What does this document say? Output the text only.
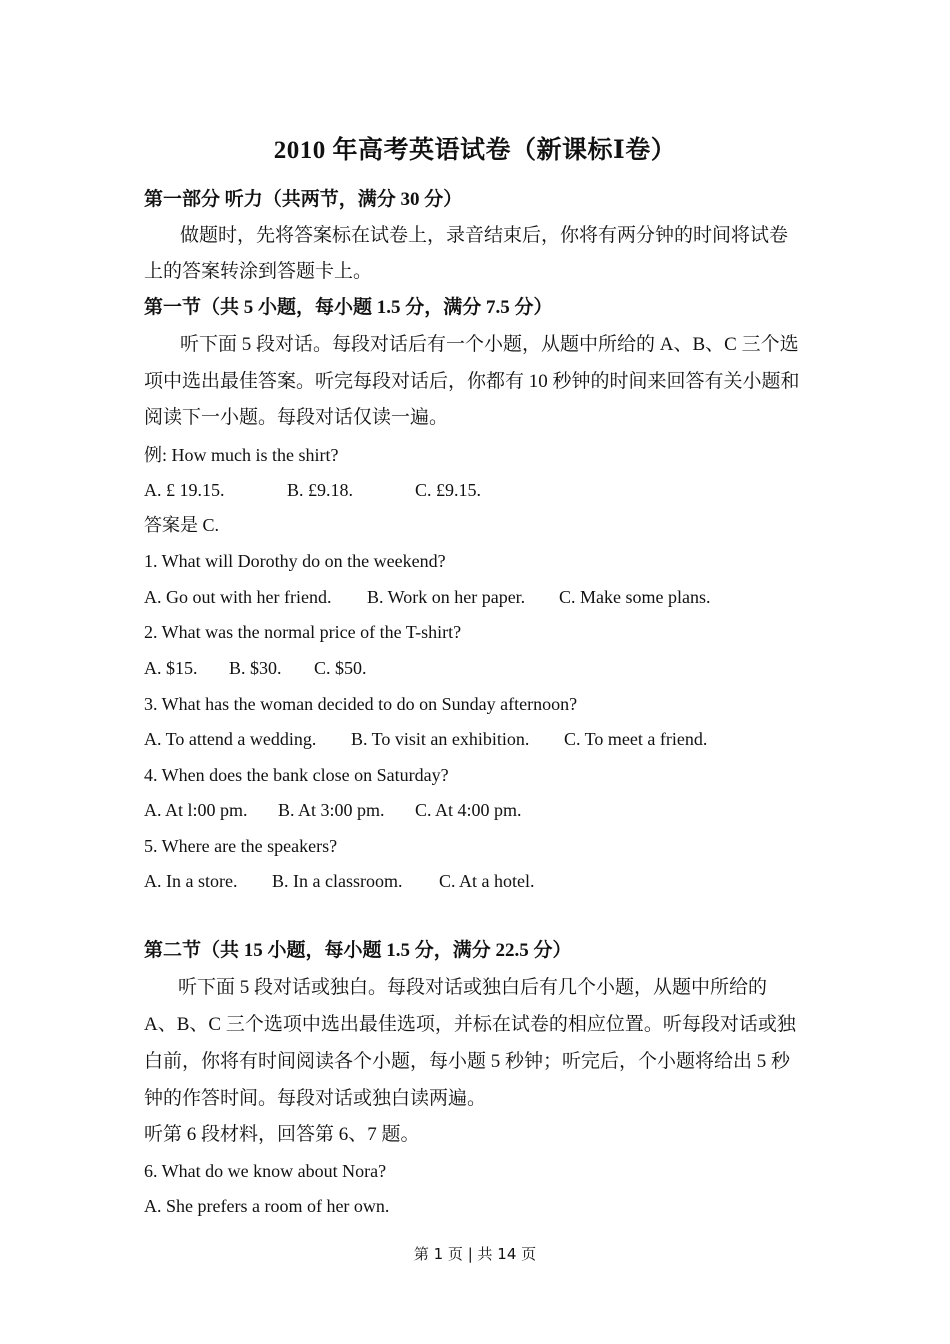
2010 年高考英语试卷（新课标Ⅰ卷）
第一部分 听力（共两节，满分 30 分）
做题时，先将答案标在试卷上，录音结束后，你将有两分钟的时间将试卷
上的答案转涂到答题卡上。
第一节（共 5 小题，每小题 1.5 分，满分 7.5 分）
听下面 5 段对话。每段对话后有一个小题，从题中所给的 A、B、C 三个选
项中选出最佳答案。听完每段对话后，你都有 10 秒钟的时间来回答有关小题和
阅读下一小题。每段对话仅读一遍。
例: How much is the shirt?
A. £ 19.15.	B. £9.18.	C. £9.15.
答案是 C.
1. What will Dorothy do on the weekend?
A. Go out with her friend. B. Work on her paper. C. Make some plans.
2. What was the normal price of the T-shirt?
A. $15. B. $30. C. $50.
3. What has the woman decided to do on Sunday afternoon?
A. To attend a wedding. B. To visit an exhibition. C. To meet a friend.
4. When does the bank close on Saturday?
A. At l:00 pm. B. At 3:00 pm. C. At 4:00 pm.
5. Where are the speakers?
A. In a store. B. In a classroom. C. At a hotel.
第二节（共 15 小题，每小题 1.5 分，满分 22.5 分）
听下面 5 段对话或独白。每段对话或独白后有几个小题，从题中所给的
A、B、C 三个选项中选出最佳选项，并标在试卷的相应位置。听每段对话或独
白前，你将有时间阅读各个小题，每小题 5 秒钟；听完后，个小题将给出 5 秒
钟的作答时间。每段对话或独白读两遍。
听第 6 段材料，回答第 6、7 题。
6. What do we know about Nora?
A. She prefers a room of her own.
第 1 页 | 共 14 页
